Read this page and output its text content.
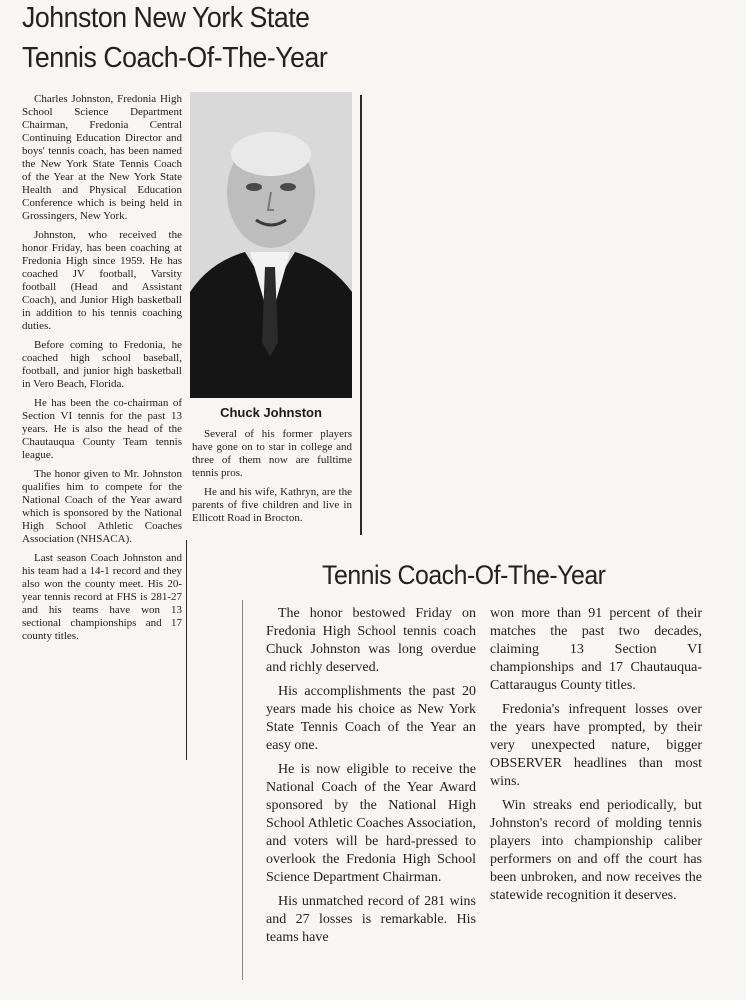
Johnston New York State
Tennis Coach-Of-The-Year

Charles Johnston, Fredonia High School Science Department Chairman, Fredonia Central Continuing Education Director and boys' tennis coach, has been named the New York State Tennis Coach of the Year at the New York State Health and Physical Education Conference which is being held in Grossingers, New York.

Johnston, who received the honor Friday, has been coaching at Fredonia High since 1959. He has coached JV football, Varsity football (Head and Assistant Coach), and Junior High basketball in addition to his tennis coaching duties.

Before coming to Fredonia, he coached high school baseball, football, and junior high basketball in Vero Beach, Florida.

He has been the co-chairman of Section VI tennis for the past 13 years. He is also the head of the Chautauqua County Team tennis league.

The honor given to Mr. Johnston qualifies him to compete for the National Coach of the Year award which is sponsored by the National High School Athletic Coaches Association (NHSACA).

Last season Coach Johnston and his team had a 14-1 record and they also won the county meet. His 20-year tennis record at FHS is 281-27 and his teams have won 13 sectional championships and 17 county titles.

Chuck Johnston

Several of his former players have gone on to star in college and three of them now are fulltime tennis pros.

He and his wife, Kathryn, are the parents of five children and live in Ellicott Road in Brocton.

Tennis Coach-Of-The-Year

The honor bestowed Friday on Fredonia High School tennis coach Chuck Johnston was long overdue and richly deserved.

His accomplishments the past 20 years made his choice as New York State Tennis Coach of the Year an easy one.

He is now eligible to receive the National Coach of the Year Award sponsored by the National High School Athletic Coaches Association, and voters will be hard-pressed to overlook the Fredonia High School Science Department Chairman.

His unmatched record of 281 wins and 27 losses is remarkable. His teams have

won more than 91 percent of their matches the past two decades, claiming 13 Section VI championships and 17 Chautauqua-Cattaraugus County titles.

Fredonia's infrequent losses over the years have prompted, by their very unexpected nature, bigger OBSERVER headlines than most wins.

Win streaks end periodically, but Johnston's record of molding tennis players into championship caliber performers on and off the court has been unbroken, and now receives the statewide recognition it deserves.
